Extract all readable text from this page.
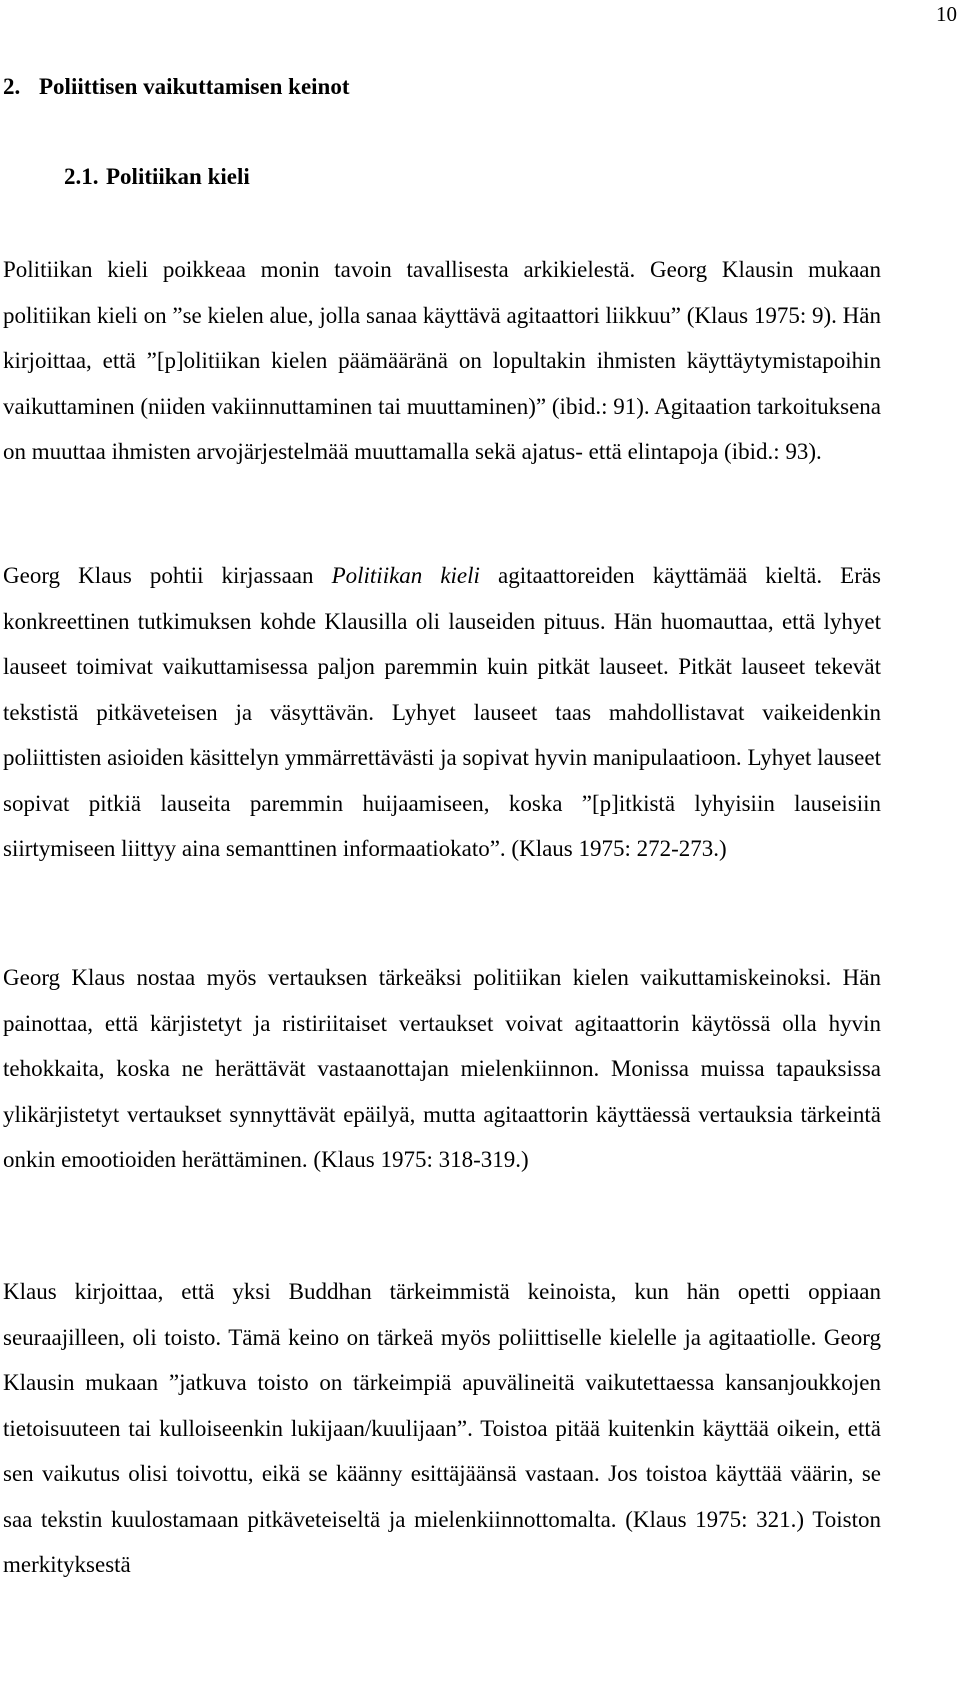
10
2. Poliittisen vaikuttamisen keinot
2.1. Politiikan kieli

Politiikan kieli poikkeaa monin tavoin tavallisesta arkikielestä. Georg Klausin mukaan politiikan kieli on ”se kielen alue, jolla sanaa käyttävä agitaattori liikkuu” (Klaus 1975: 9). Hän kirjoittaa, että ”[p]olitiikan kielen päämääränä on lopultakin ihmisten käyttäytymistapoihin vaikuttaminen (niiden vakiinnuttaminen tai muuttaminen)” (ibid.: 91). Agitaation tarkoituksena on muuttaa ihmisten arvojärjestelmää muuttamalla sekä ajatus- että elintapoja (ibid.: 93).

Georg Klaus pohtii kirjassaan Politiikan kieli agitaattoreiden käyttämää kieltä. Eräs konkreettinen tutkimuksen kohde Klausilla oli lauseiden pituus. Hän huomauttaa, että lyhyet lauseet toimivat vaikuttamisessa paljon paremmin kuin pitkät lauseet. Pitkät lauseet tekevät tekstistä pitkäveteisen ja väsyttävän. Lyhyet lauseet taas mahdollistavat vaikeidenkin poliittisten asioiden käsittelyn ymmärrettävästi ja sopivat hyvin manipulaatioon. Lyhyet lauseet sopivat pitkiä lauseita paremmin huijaamiseen, koska ”[p]itkistä lyhyisiin lauseisiin siirtymiseen liittyy aina semanttinen informaatiokato”. (Klaus 1975: 272-273.)

Georg Klaus nostaa myös vertauksen tärkeäksi politiikan kielen vaikuttamiskeinoksi. Hän painottaa, että kärjistetyt ja ristiriitaiset vertaukset voivat agitaattorin käytössä olla hyvin tehokkaita, koska ne herättävät vastaanottajan mielenkiinnon. Monissa muissa tapauksissa ylikärjistetyt vertaukset synnyttävät epäilyä, mutta agitaattorin käyttäessä vertauksia tärkeintä onkin emootioiden herättäminen. (Klaus 1975: 318-319.)

Klaus kirjoittaa, että yksi Buddhan tärkeimmistä keinoista, kun hän opetti oppiaan seuraajilleen, oli toisto. Tämä keino on tärkeä myös poliittiselle kielelle ja agitaatiolle. Georg Klausin mukaan ”jatkuva toisto on tärkeimpiä apuvälineitä vaikutettaessa kansanjoukkojen tietoisuuteen tai kulloiseenkin lukijaan/kuulijaan”. Toistoa pitää kuitenkin käyttää oikein, että sen vaikutus olisi toivottu, eikä se käänny esittäjäänsä vastaan. Jos toistoa käyttää väärin, se saa tekstin kuulostamaan pitkäveteiseltä ja mielenkiinnottomalta. (Klaus 1975: 321.) Toiston merkityksestä
